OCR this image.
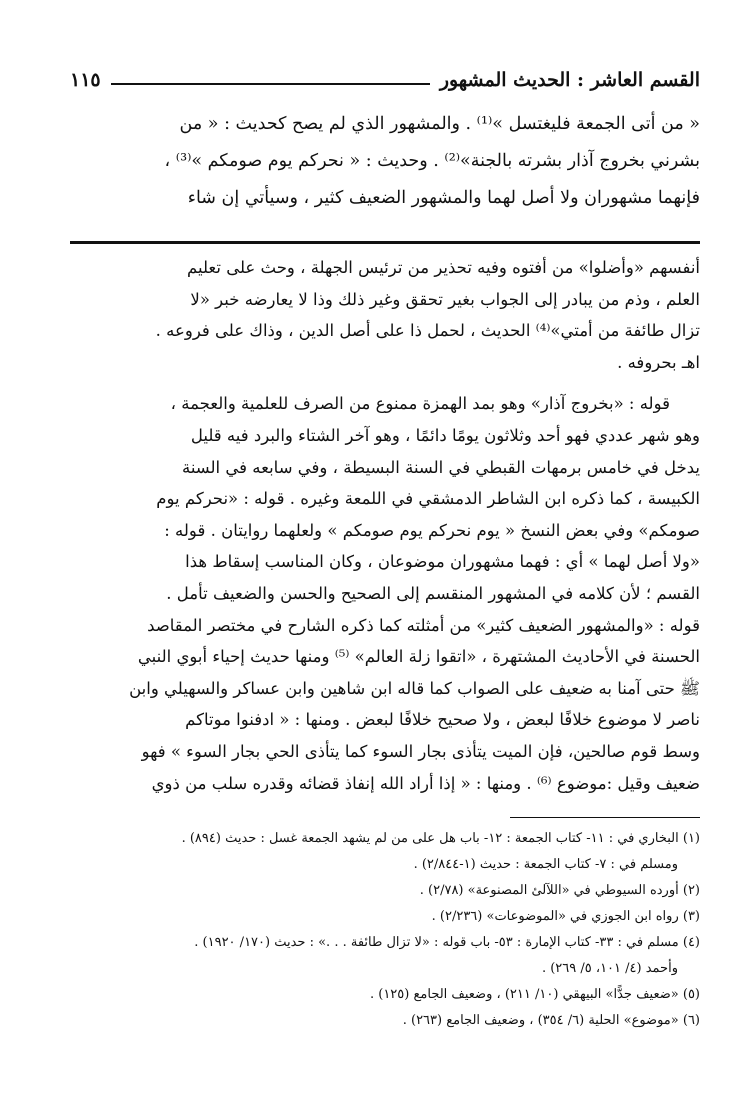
القسم العاشر : الحديث المشهور
١١٥

« من أتى الجمعة فليغتسل »⁽¹⁾ . والمشهور الذي لم يصح كحديث : « من

بشرني بخروج آذار بشرته بالجنة»⁽²⁾ . وحديث : « نحركم يوم صومكم »⁽³⁾ ،

فإنهما مشهوران ولا أصل لهما والمشهور الضعيف كثير ، وسيأتي إن شاء

أنفسهم «وأضلوا» من أفتوه وفيه تحذير من ترئيس الجهلة ، وحث على تعليم

العلم ، وذم من يبادر إلى الجواب بغير تحقق وغير ذلك وذا لا يعارضه خبر «لا

تزال طائفة من أمتي»⁽⁴⁾ الحديث ، لحمل ذا على أصل الدين ، وذاك على فروعه .

اهـ بحروفه .

قوله : «بخروج آذار» وهو بمد الهمزة ممنوع من الصرف للعلمية والعجمة ،

وهو شهر عددي فهو أحد وثلاثون يومًا دائمًا ، وهو آخر الشتاء والبرد فيه قليل

يدخل في خامس برمهات القبطي في السنة البسيطة ، وفي سابعه في السنة

الكبيسة ، كما ذكره ابن الشاطر الدمشقي في اللمعة وغيره . قوله : «نحركم يوم

صومكم» وفي بعض النسخ « يوم نحركم يوم صومكم » ولعلهما روايتان . قوله :

«ولا أصل لهما » أي : فهما مشهوران موضوعان ، وكان المناسب إسقاط هذا

القسم ؛ لأن كلامه في المشهور المنقسم إلى الصحيح والحسن والضعيف تأمل .

قوله : «والمشهور الضعيف كثير» من أمثلته كما ذكره الشارح في مختصر المقاصد

الحسنة في الأحاديث المشتهرة ، «اتقوا زلة العالم» ⁽⁵⁾ ومنها حديث إحياء أبوي النبي

ﷺ حتى آمنا به ضعيف على الصواب كما قاله ابن شاهين وابن عساكر والسهيلي وابن

ناصر لا موضوع خلافًا لبعض ، ولا صحيح خلافًا لبعض . ومنها : « ادفنوا موتاكم

وسط قوم صالحين، فإن الميت يتأذى بجار السوء كما يتأذى الحي بجار السوء » فهو

ضعيف وقيل :موضوع ⁽⁶⁾ . ومنها : « إذا أراد الله إنفاذ قضائه وقدره سلب من ذوي

(١) البخاري في : ١١- كتاب الجمعة : ١٢- باب هل على من لم يشهد الجمعة غسل : حديث (٨٩٤) .

ومسلم في : ٧- كتاب الجمعة : حديث (١-٢/٨٤٤) .

(٢) أورده السيوطي في «اللآلئ المصنوعة» (٢/٧٨) .

(٣) رواه ابن الجوزي في «الموضوعات» (٢/٢٣٦) .

(٤) مسلم في : ٣٣- كتاب الإمارة : ٥٣- باب قوله : «لا تزال طائفة . . .» : حديث (١٧٠/ ١٩٢٠) .

وأحمد (٤/ ١٠١، ٥/ ٢٦٩) .

(٥) «ضعيف جدًّا» البيهقي (١٠/ ٢١١) ، وضعيف الجامع (١٢٥) .

(٦) «موضوع» الحلية (٦/ ٣٥٤) ، وضعيف الجامع (٢٦٣) .
